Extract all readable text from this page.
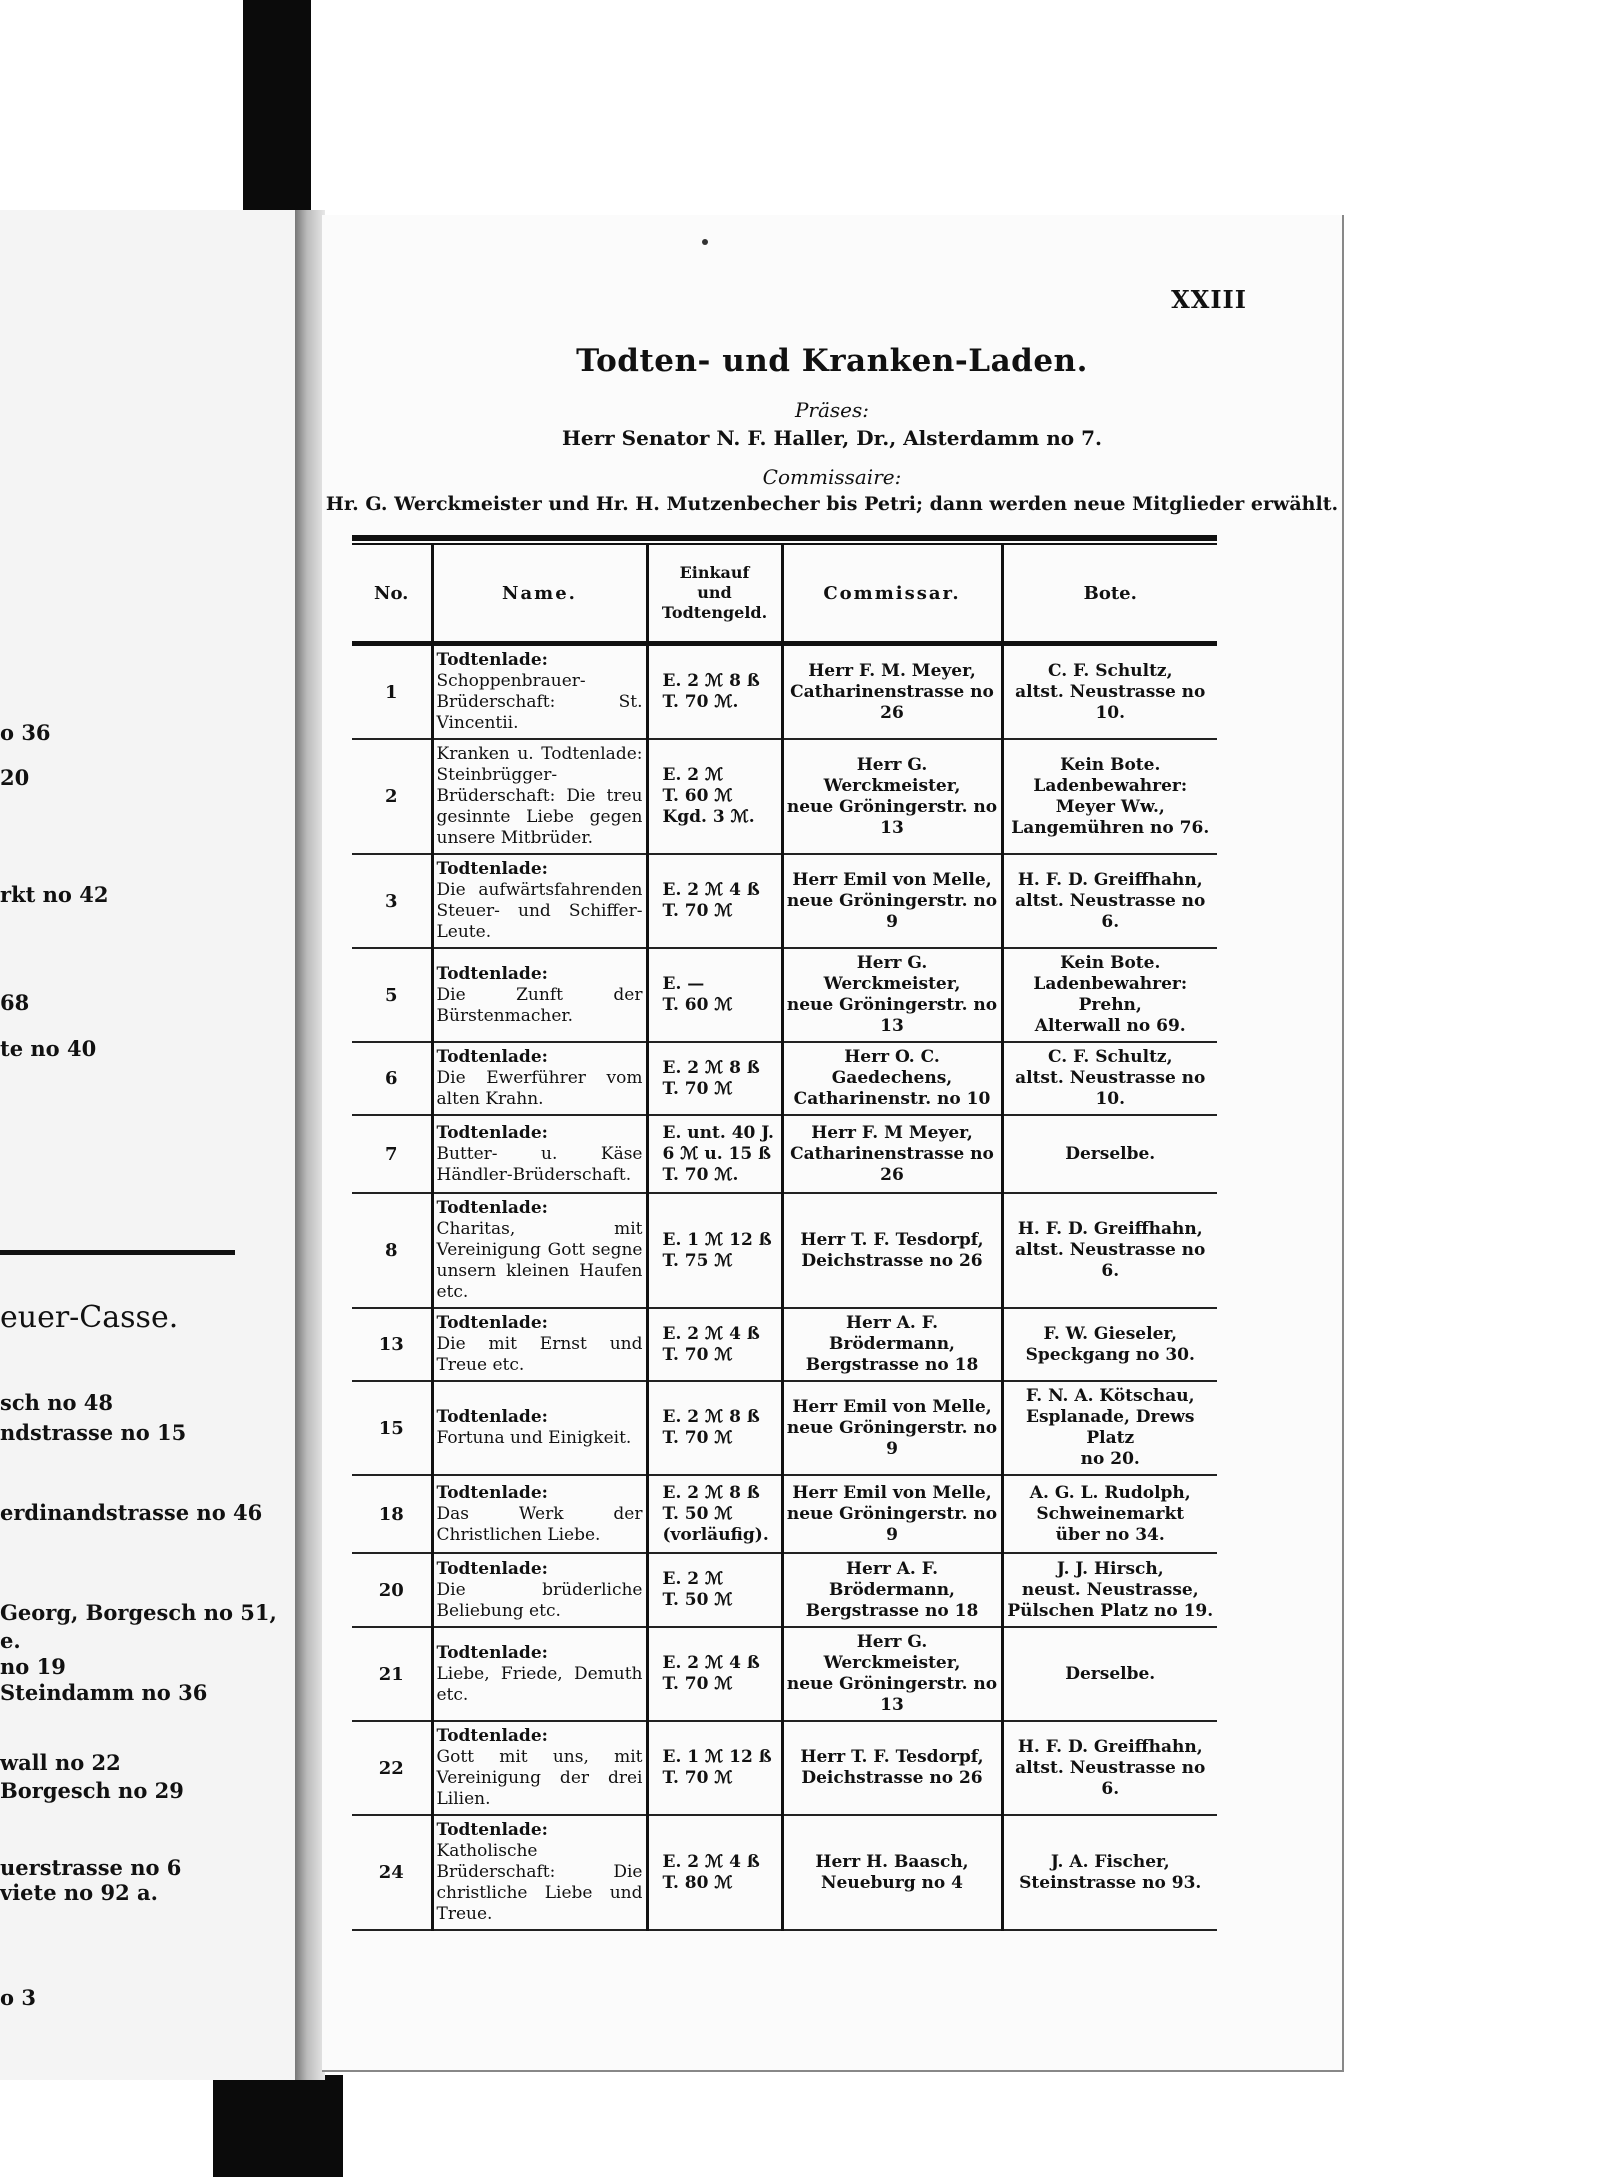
o 36
20
rkt no 42
68
te no 40
euer-Casse.
sch no 48
ndstrasse no 15
erdinandstrasse no 46
Georg, Borgesch no 51,
e.
no 19
Steindamm no 36
wall no 22
Borgesch no 29
uerstrasse no 6
viete no 92 a.
o 3
XXIII
Todten- und Kranken-Laden.
Präses:
Herr Senator N. F. Haller, Dr., Alsterdamm no 7.
Commissaire:
Hr. G. Werckmeister und Hr. H. Mutzenbecher bis Petri; dann werden neue Mitglieder erwählt.
No.	Name.	Einkauf
und
Todtengeld.	Commissar.	Bote.
1	Todtenlade:
Schoppenbrauer-Brüderschaft: St. Vincentii.	E. 2 ℳ 8 ß
T. 70 ℳ.	Herr F. M. Meyer,
Catharinenstrasse no 26	C. F. Schultz,
altst. Neustrasse no 10.
2	Kranken u. Todtenlade: Steinbrügger-Brüderschaft: Die treu gesinnte Liebe gegen unsere Mitbrüder.	E. 2 ℳ
T. 60 ℳ
Kgd. 3 ℳ.	Herr G. Werckmeister,
neue Gröningerstr. no 13	Kein Bote.
Ladenbewahrer:
Meyer Ww.,
Langemühren no 76.
3	Todtenlade:
Die aufwärtsfahrenden Steuer- und Schiffer-Leute.	E. 2 ℳ 4 ß
T. 70 ℳ	Herr Emil von Melle,
neue Gröningerstr. no 9	H. F. D. Greiffhahn,
altst. Neustrasse no 6.
5	Todtenlade:
Die Zunft der Bürstenmacher.	E. —
T. 60 ℳ	Herr G. Werckmeister,
neue Gröningerstr. no 13	Kein Bote.
Ladenbewahrer:
Prehn,
Alterwall no 69.
6	Todtenlade:
Die Ewerführer vom alten Krahn.	E. 2 ℳ 8 ß
T. 70 ℳ	Herr O. C. Gaedechens,
Catharinenstr. no 10	C. F. Schultz,
altst. Neustrasse no 10.
7	Todtenlade:
Butter- u. Käse Händler-Brüderschaft.	E. unt. 40 J.
6 ℳ u. 15 ß
T. 70 ℳ.	Herr F. M Meyer,
Catharinenstrasse no 26	Derselbe.
8	Todtenlade:
Charitas, mit Vereinigung Gott segne unsern kleinen Haufen etc.	E. 1 ℳ 12 ß
T. 75 ℳ	Herr T. F. Tesdorpf,
Deichstrasse no 26	H. F. D. Greiffhahn,
altst. Neustrasse no 6.
13	Todtenlade:
Die mit Ernst und Treue etc.	E. 2 ℳ 4 ß
T. 70 ℳ	Herr A. F. Brödermann,
Bergstrasse no 18	F. W. Gieseler,
Speckgang no 30.
15	Todtenlade:
Fortuna und Einigkeit.	E. 2 ℳ 8 ß
T. 70 ℳ	Herr Emil von Melle,
neue Gröningerstr. no 9	F. N. A. Kötschau,
Esplanade, Drews Platz
no 20.
18	Todtenlade:
Das Werk der Christlichen Liebe.	E. 2 ℳ 8 ß
T. 50 ℳ
(vorläufig).	Herr Emil von Melle,
neue Gröningerstr. no 9	A. G. L. Rudolph,
Schweinemarkt
über no 34.
20	Todtenlade:
Die brüderliche Beliebung etc.	E. 2 ℳ
T. 50 ℳ	Herr A. F. Brödermann,
Bergstrasse no 18	J. J. Hirsch,
neust. Neustrasse,
Pülschen Platz no 19.
21	Todtenlade:
Liebe, Friede, Demuth etc.	E. 2 ℳ 4 ß
T. 70 ℳ	Herr G. Werckmeister,
neue Gröningerstr. no 13	Derselbe.
22	Todtenlade:
Gott mit uns, mit Vereinigung der drei Lilien.	E. 1 ℳ 12 ß
T. 70 ℳ	Herr T. F. Tesdorpf,
Deichstrasse no 26	H. F. D. Greiffhahn,
altst. Neustrasse no 6.
24	Todtenlade:
Katholische Brüderschaft: Die christliche Liebe und Treue.	E. 2 ℳ 4 ß
T. 80 ℳ	Herr H. Baasch,
Neueburg no 4	J. A. Fischer,
Steinstrasse no 93.
